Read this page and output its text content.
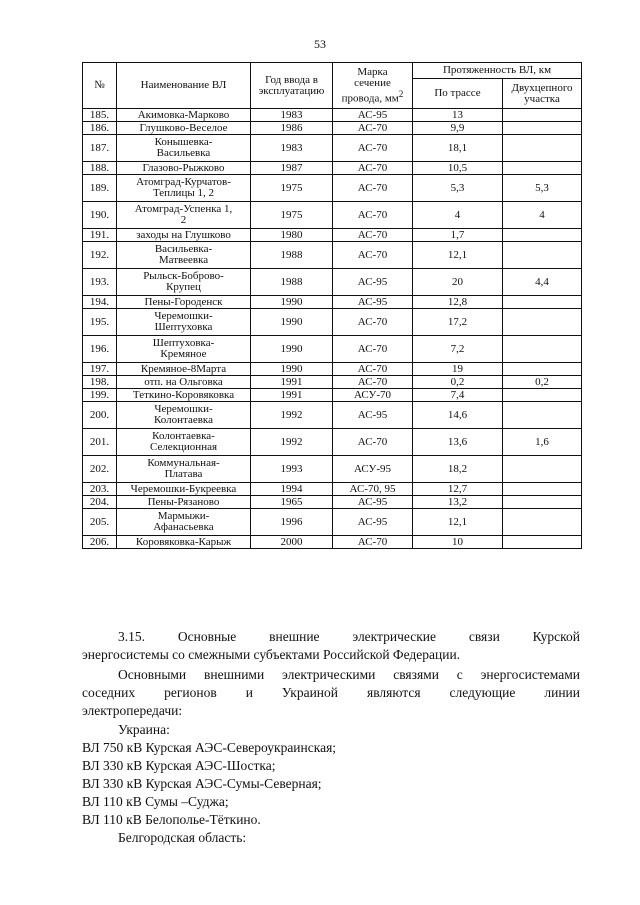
53
№	Наименование ВЛ	Год ввода в
эксплуатацию	Марка
сечение
провода, $мм^2$	Протяженность ВЛ, км	
				По трассе	Двухцепного
участка
185.	Акимовка-Марково	1983	АС-95	13	
186.	Глушково-Веселое	1986	АС-70	9,9	
187.	Конышевка-
Васильевка	1983	АС-70	18,1	
188.	Глазово-Рыжково	1987	АС-70	10,5	
189.	Атомград-Курчатов-
Теплицы 1, 2	1975	АС-70	5,3	5,3
190.	Атомград-Успенка 1,
2	1975	АС-70	4	4
191.	заходы на Глушково	1980	АС-70	1,7	
192.	Васильевка-
Матвеевка	1988	АС-70	12,1	
193.	Рыльск-Боброво-
Крупец	1988	АС-95	20	4,4
194.	Пены-Городенск	1990	АС-95	12,8	
195.	Черемошки-
Шептуховка	1990	АС-70	17,2	
196.	Шептуховка-
Кремяное	1990	АС-70	7,2	
197.	Кремяное-8Марта	1990	АС-70	19	
198.	отп. на Ольговка	1991	АС-70	0,2	0,2
199.	Теткино-Коровяковка	1991	АСУ-70	7,4	
200.	Черемошки-
Колонтаевка	1992	АС-95	14,6	
201.	Колонтаевка-
Селекционная	1992	АС-70	13,6	1,6
202.	Коммунальная-
Платава	1993	АСУ-95	18,2	
203.	Черемошки-Букреевка	1994	АС-70, 95	12,7	
204.	Пены-Рязаново	1965	АС-95	13,2	
205.	Мармыжи-
Афанасьевка	1996	АС-95	12,1	
206.	Коровяковка-Карыж	2000	АС-70	10	

3.15. Основные внешние электрические связи Курской

энергосистемы со смежными субъектами Российской Федерации.

Основными внешними электрическими связями с энергосистемами

соседних регионов и Украиной являются следующие линии

электропередачи:

Украина:

ВЛ 750 кВ Курская АЭС-Североукраинская;

ВЛ 330 кВ Курская АЭС-Шостка;

ВЛ 330 кВ Курская АЭС-Сумы-Северная;

ВЛ 110 кВ Сумы –Суджа;

ВЛ 110 кВ Белополье-Тёткино.

Белгородская область:
